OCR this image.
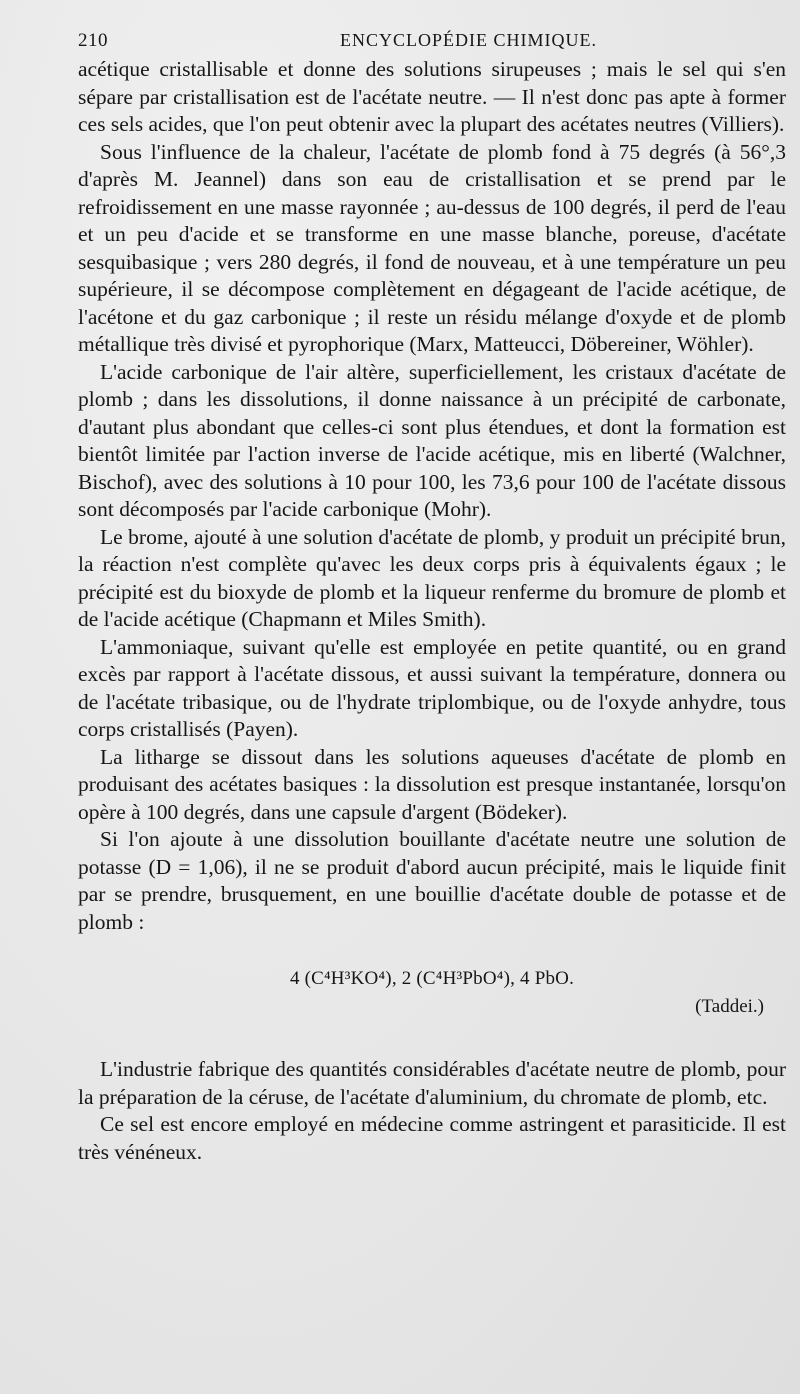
210	ENCYCLOPÉDIE CHIMIQUE.

acétique cristallisable et donne des solutions sirupeuses ; mais le sel qui s'en sépare par cristallisation est de l'acétate neutre. — Il n'est donc pas apte à former ces sels acides, que l'on peut obtenir avec la plupart des acétates neutres (Villiers).

Sous l'influence de la chaleur, l'acétate de plomb fond à 75 degrés (à 56°,3 d'après M. Jeannel) dans son eau de cristallisation et se prend par le refroidissement en une masse rayonnée ; au-dessus de 100 degrés, il perd de l'eau et un peu d'acide et se transforme en une masse blanche, poreuse, d'acétate sesquibasique ; vers 280 degrés, il fond de nouveau, et à une température un peu supérieure, il se décompose complètement en dégageant de l'acide acétique, de l'acétone et du gaz carbonique ; il reste un résidu mélange d'oxyde et de plomb métallique très divisé et pyrophorique (Marx, Matteucci, Döbereiner, Wöhler).

L'acide carbonique de l'air altère, superficiellement, les cristaux d'acétate de plomb ; dans les dissolutions, il donne naissance à un précipité de carbonate, d'autant plus abondant que celles-ci sont plus étendues, et dont la formation est bientôt limitée par l'action inverse de l'acide acétique, mis en liberté (Walchner, Bischof), avec des solutions à 10 pour 100, les 73,6 pour 100 de l'acétate dissous sont décomposés par l'acide carbonique (Mohr).

Le brome, ajouté à une solution d'acétate de plomb, y produit un précipité brun, la réaction n'est complète qu'avec les deux corps pris à équivalents égaux ; le précipité est du bioxyde de plomb et la liqueur renferme du bromure de plomb et de l'acide acétique (Chapmann et Miles Smith).

L'ammoniaque, suivant qu'elle est employée en petite quantité, ou en grand excès par rapport à l'acétate dissous, et aussi suivant la température, donnera ou de l'acétate tribasique, ou de l'hydrate triplombique, ou de l'oxyde anhydre, tous corps cristallisés (Payen).

La litharge se dissout dans les solutions aqueuses d'acétate de plomb en produisant des acétates basiques : la dissolution est presque instantanée, lorsqu'on opère à 100 degrés, dans une capsule d'argent (Bödeker).

Si l'on ajoute à une dissolution bouillante d'acétate neutre une solution de potasse (D = 1,06), il ne se produit d'abord aucun précipité, mais le liquide finit par se prendre, brusquement, en une bouillie d'acétate double de potasse et de plomb :

4 (C⁴H³KO⁴), 2 (C⁴H³PbO⁴), 4 PbO.
(Taddei.)

L'industrie fabrique des quantités considérables d'acétate neutre de plomb, pour la préparation de la céruse, de l'acétate d'aluminium, du chromate de plomb, etc.

Ce sel est encore employé en médecine comme astringent et parasiticide. Il est très vénéneux.
